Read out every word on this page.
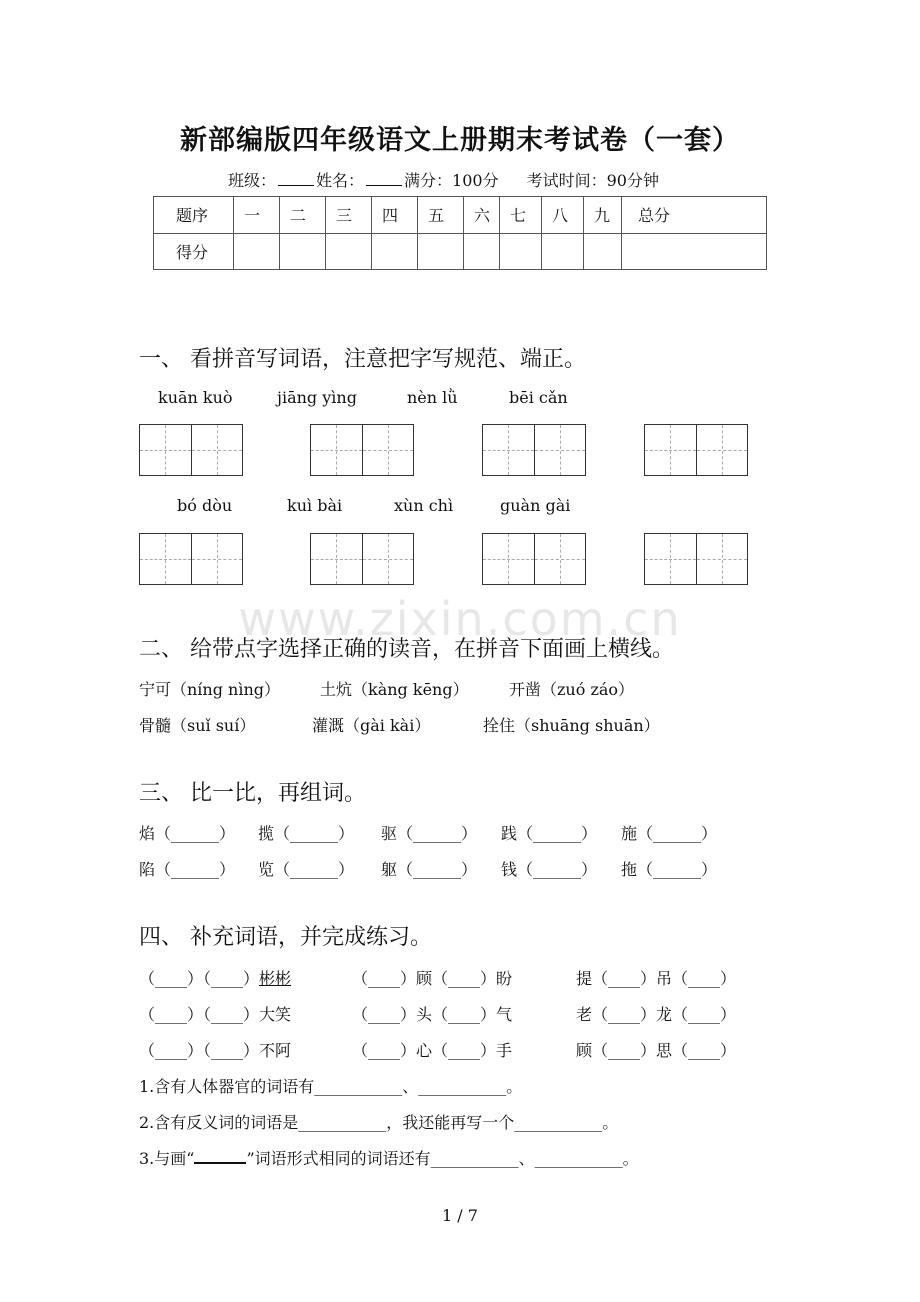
新部编版四年级语文上册期末考试卷（一套）
班级：	姓名：	满分：100分 考试时间：90分钟
题序	一	二	三	四	五	六	七	八	九	总分
得分										
一、 看拼音写词语，注意把字写规范、端正。
kuān kuò	jiāng yìng	nèn lǜ	bēi cǎn
bó dòu	kuì bài	xùn chì	guàn gài
www.zixin.com.cn
二、 给带点字选择正确的读音，在拼音下面画上横线。
宁可（níng nìng） 土炕（kàng kēng）	开凿（zuó záo）
骨髓（suǐ suí）	灌溉（gài kài）	拴住（shuāng shuān）
三、 比一比，再组词。
焰（______） 揽（______） 驱（______） 践（______） 施（______）
陷（______） 览（______） 躯（______） 钱（______） 拖（______）
四、 补充词语，并完成练习。
（____）（____）彬彬	（____）顾（____）盼	提（____）吊（____）
（____）（____）大笑	（____）头（____）气	老（____）龙（____）
（____）（____）不阿	（____）心（____）手	顾（____）思（____）
1.含有人体器官的词语有___________、___________。
2.含有反义词的词语是___________，我还能再写一个___________。
3.与画“	”词语形式相同的词语还有___________、___________。
1 / 7
